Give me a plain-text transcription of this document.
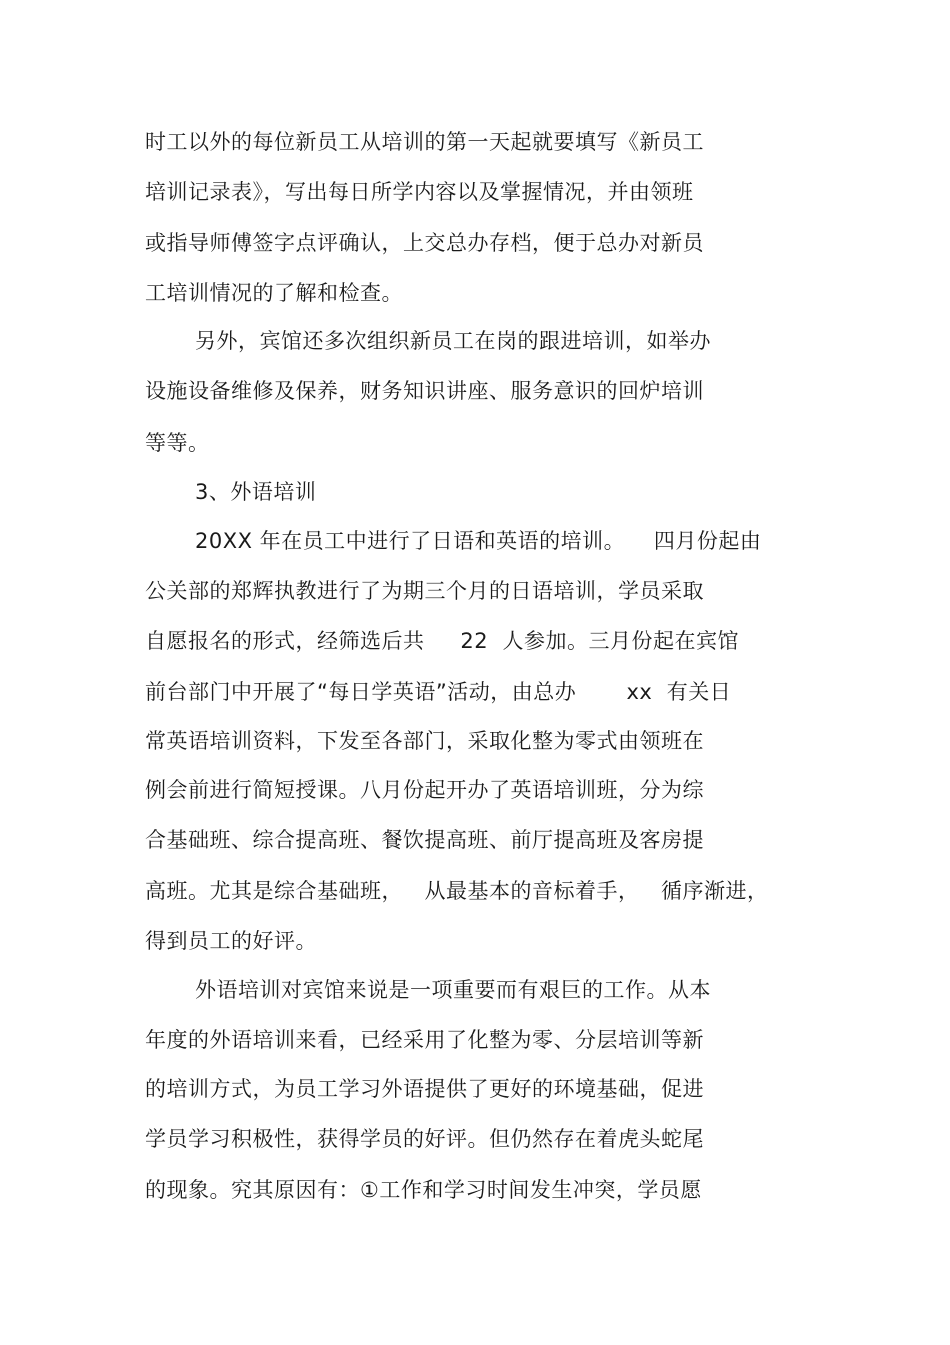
时工以外的每位新员工从培训的第一天起就要填写《新员工
培训记录表》，写出每日所学内容以及掌握情况，并由领班
或指导师傅签字点评确认，上交总办存档，便于总办对新员
工培训情况的了解和检查。
另外，宾馆还多次组织新员工在岗的跟进培训，如举办
设施设备维修及保养，财务知识讲座、服务意识的回炉培训
等等。
3、外语培训
20XX 年在员工中进行了日语和英语的培训。    四月份起由
公关部的郑辉执教进行了为期三个月的日语培训，学员采取
自愿报名的形式，经筛选后共     22  人参加。三月份起在宾馆
前台部门中开展了“每日学英语”活动，由总办       xx  有关日
常英语培训资料，下发至各部门，采取化整为零式由领班在
例会前进行简短授课。八月份起开办了英语培训班，分为综
合基础班、综合提高班、餐饮提高班、前厅提高班及客房提
高班。尤其是综合基础班，   从最基本的音标着手，   循序渐进，
得到员工的好评。
外语培训对宾馆来说是一项重要而有艰巨的工作。从本
年度的外语培训来看，已经采用了化整为零、分层培训等新
的培训方式，为员工学习外语提供了更好的环境基础，促进
学员学习积极性，获得学员的好评。但仍然存在着虎头蛇尾
的现象。究其原因有：①工作和学习时间发生冲突，学员愿
